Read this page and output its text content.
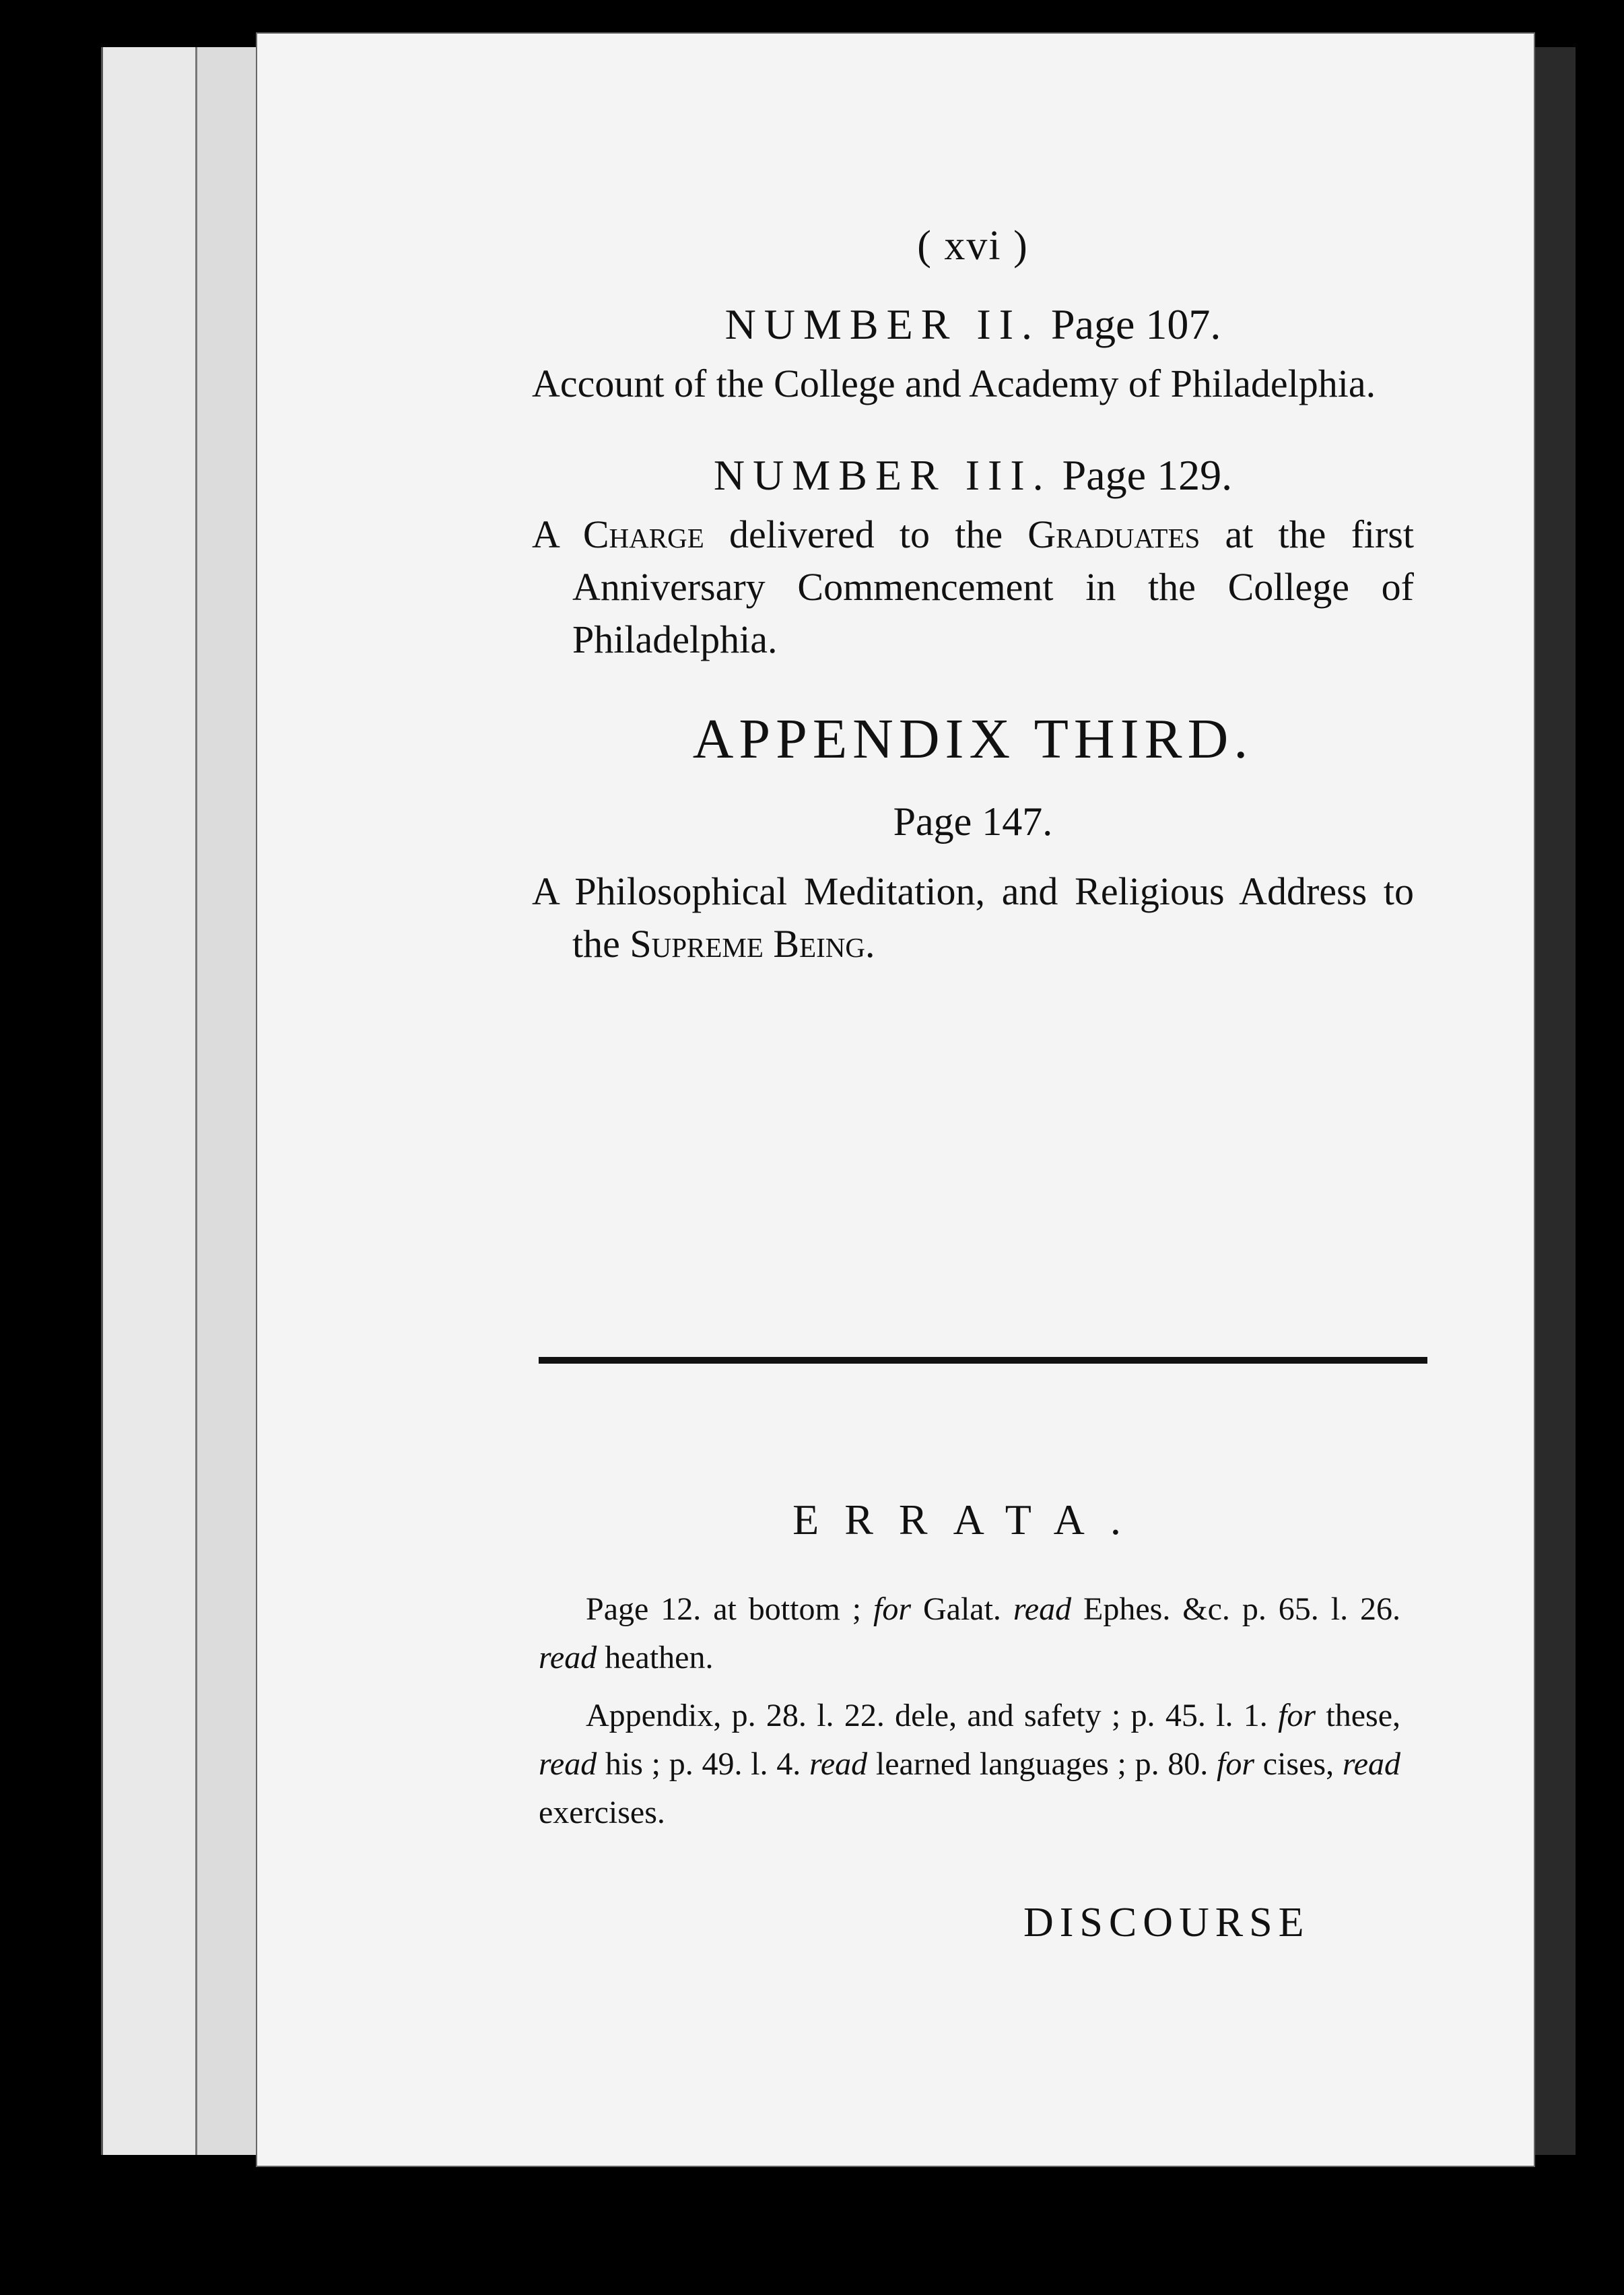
( xvi )
NUMBER II. Page 107.

Account of the College and Academy of Philadelphia.

NUMBER III. Page 129.

A Charge delivered to the Graduates at the first Anniversary Commencement in the College of Philadelphia.

APPENDIX THIRD.
Page 147.

A Philosophical Meditation, and Religious Address to the Supreme Being.

ERRATA.

Page 12. at bottom ; for Galat. read Ephes. &c. p. 65. l. 26. read heathen.

Appendix, p. 28. l. 22. dele, and safety ; p. 45. l. 1. for these, read his ; p. 49. l. 4. read learned languages ; p. 80. for cises, read exercises.

DISCOURSE
